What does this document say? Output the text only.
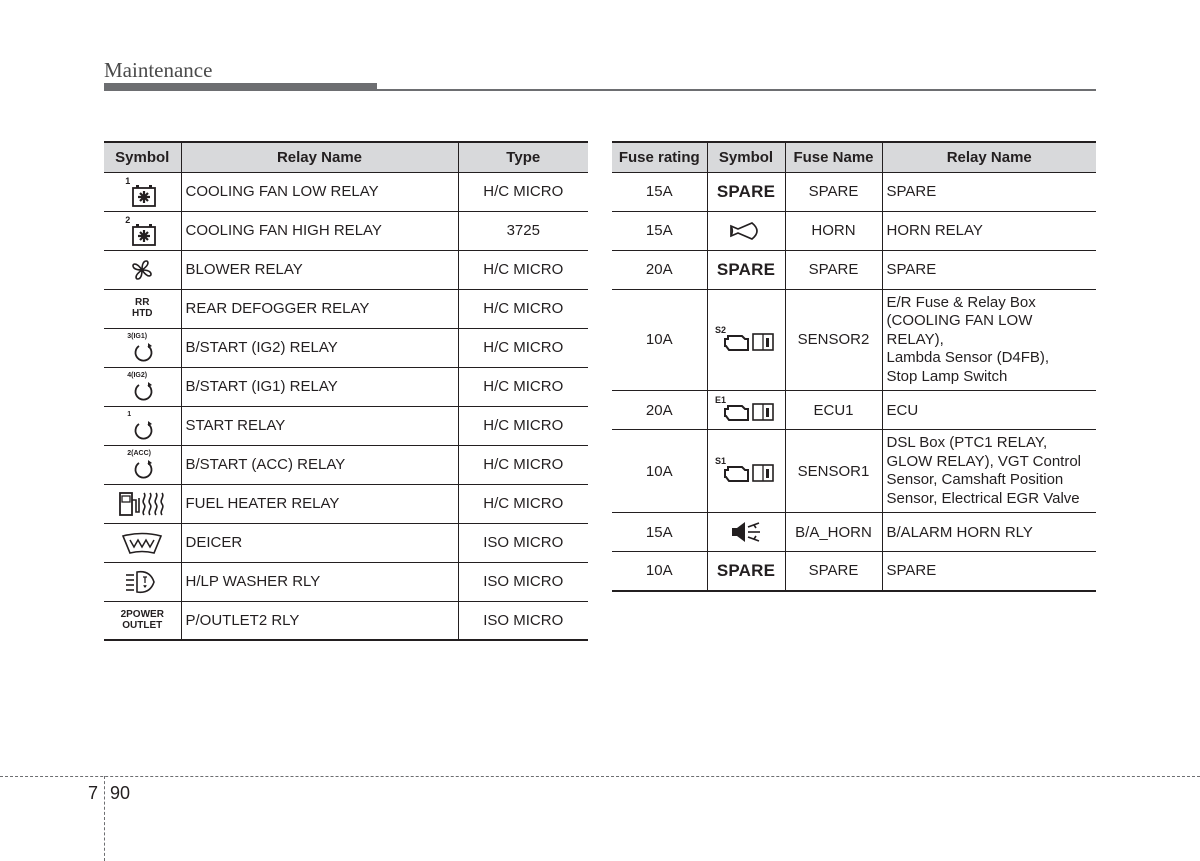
Maintenance
Symbol	Relay Name	Type

1	COOLING FAN LOW RELAY	H/C MICRO

2	COOLING FAN HIGH RELAY	3725
	BLOWER RELAY	H/C MICRO
RR
HTD	REAR DEFOGGER RELAY	H/C MICRO

3(IG1)	B/START (IG2) RELAY	H/C MICRO

4(IG2)	B/START (IG1) RELAY	H/C MICRO

1	START RELAY	H/C MICRO

2(ACC)	B/START (ACC) RELAY	H/C MICRO
	FUEL HEATER RELAY	H/C MICRO
	DEICER	ISO MICRO
	H/LP WASHER RLY	ISO MICRO
2POWER
OUTLET	P/OUTLET2 RLY	ISO MICRO
Fuse rating	Symbol	Fuse Name	Relay Name
15A	SPARE	SPARE	SPARE
15A		HORN	HORN RELAY
20A	SPARE	SPARE	SPARE
10A	S2	SENSOR2	E/R Fuse & Relay Box
(COOLING FAN LOW RELAY),
Lambda Sensor (D4FB),
Stop Lamp Switch
20A	E1	ECU1	ECU
10A	S1	SENSOR1	DSL Box (PTC1 RELAY,
GLOW RELAY), VGT Control
Sensor, Camshaft Position
Sensor, Electrical EGR Valve
15A		B/A_HORN	B/ALARM HORN RLY
10A	SPARE	SPARE	SPARE
7 90
